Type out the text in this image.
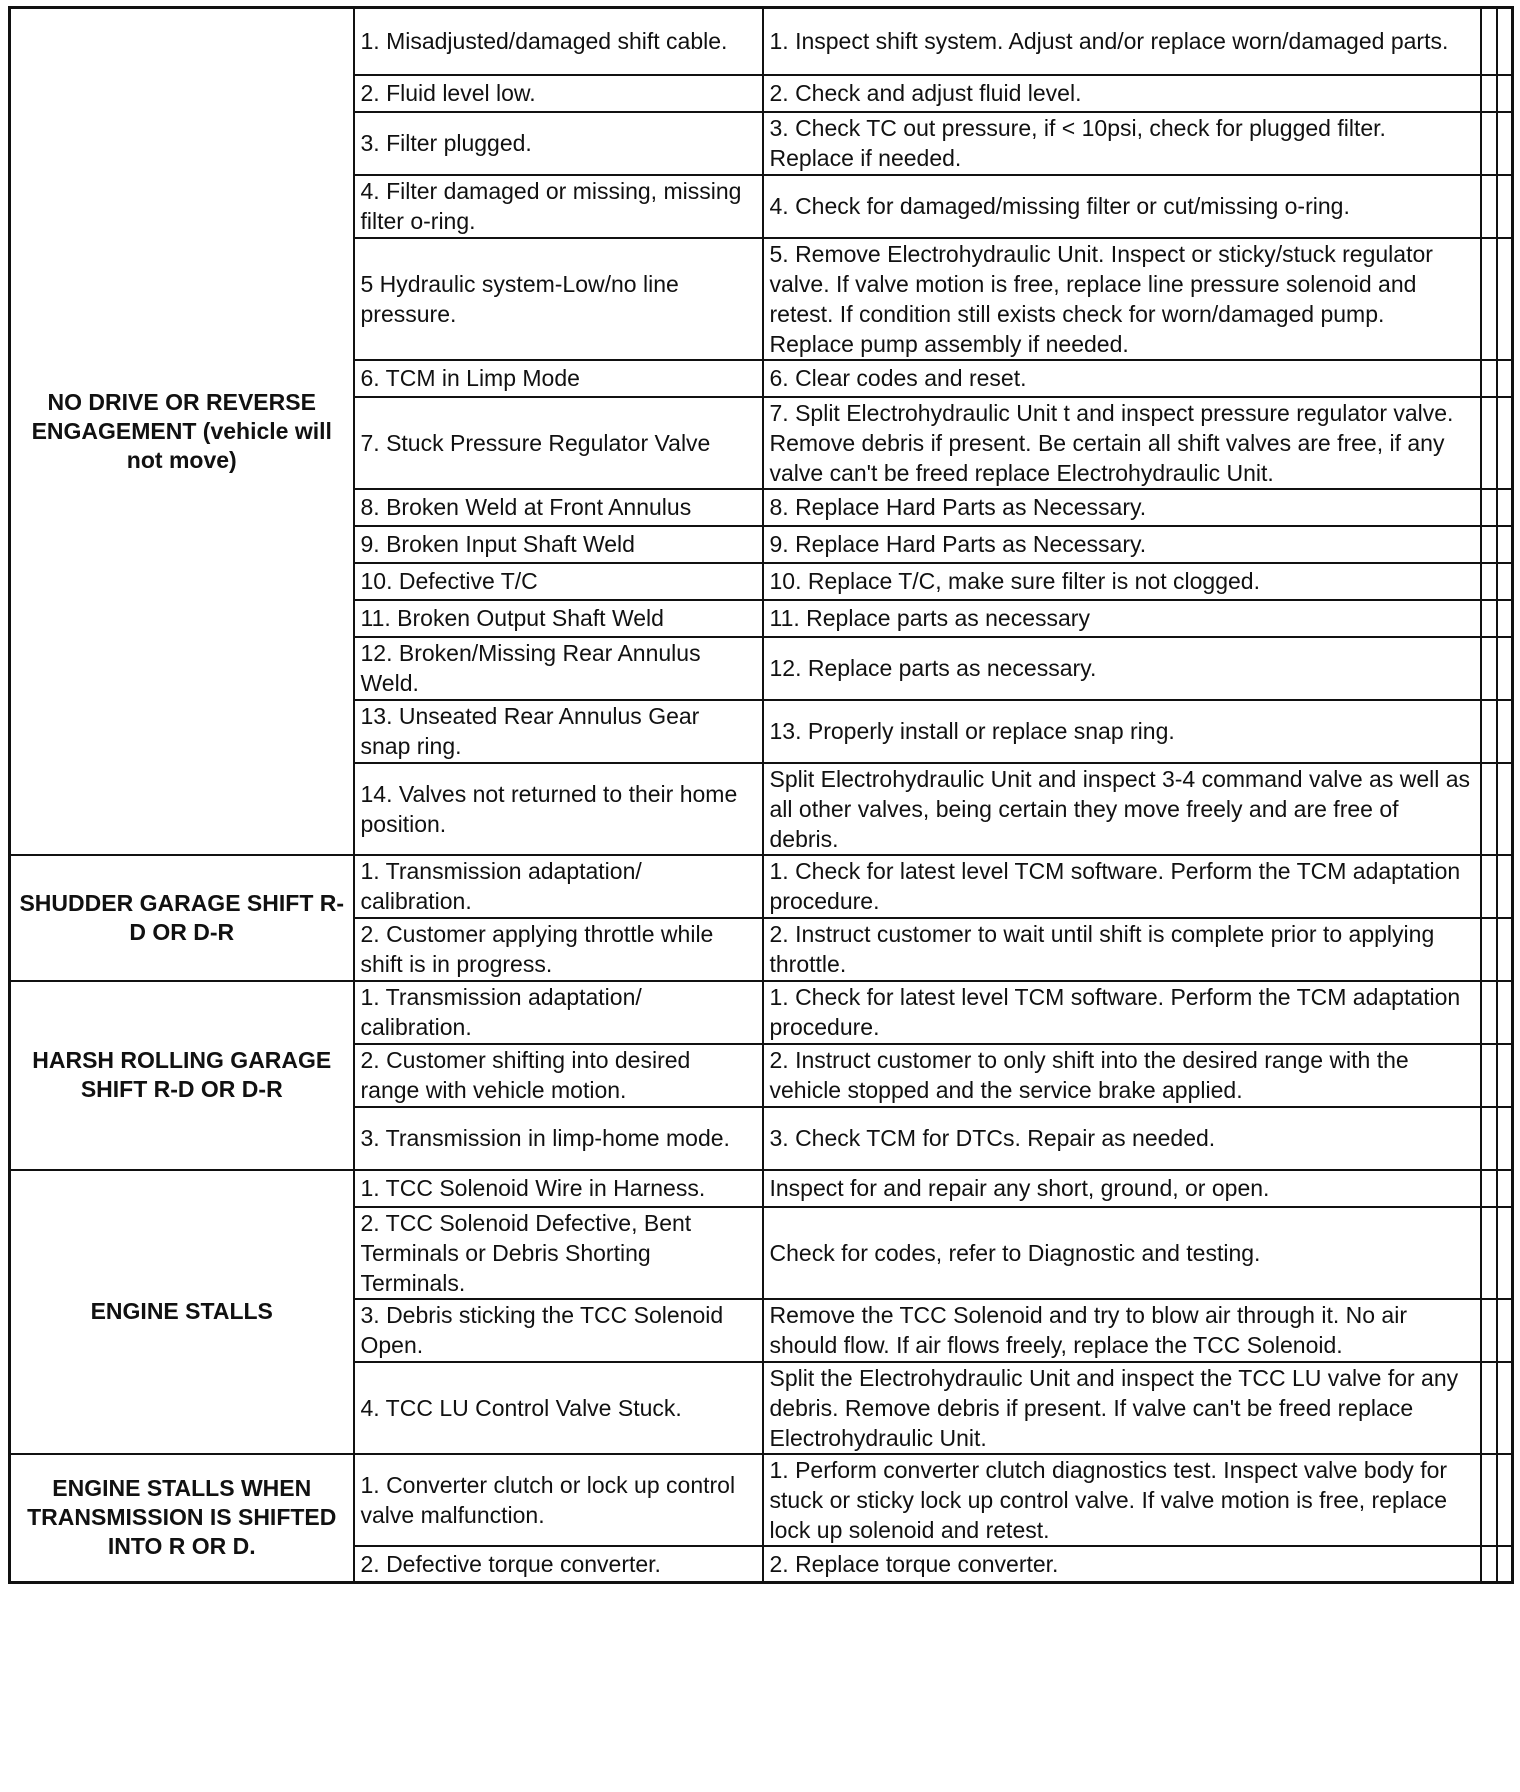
NO DRIVE OR REVERSE ENGAGEMENT (vehicle will not move)	1. Misadjusted/damaged shift cable.	1. Inspect shift system. Adjust and/or replace worn/damaged parts.		
	2. Fluid level low.	2. Check and adjust fluid level.		
	3. Filter plugged.	3. Check TC out pressure, if < 10psi, check for plugged filter. Replace if needed.		
	4. Filter damaged or missing, missing filter o-ring.	4. Check for damaged/missing filter or cut/missing o-ring.		
	5 Hydraulic system-Low/no line pressure.	5. Remove Electrohydraulic Unit. Inspect or sticky/stuck regulator valve. If valve motion is free, replace line pressure solenoid and retest. If condition still exists check for worn/damaged pump. Replace pump assembly if needed.		
	6. TCM in Limp Mode	6. Clear codes and reset.		
	7. Stuck Pressure Regulator Valve	7. Split Electrohydraulic Unit t and inspect pressure regulator valve. Remove debris if present. Be certain all shift valves are free, if any valve can't be freed replace Electrohydraulic Unit.		
	8. Broken Weld at Front Annulus	8. Replace Hard Parts as Necessary.		
	9. Broken Input Shaft Weld	9. Replace Hard Parts as Necessary.		
	10. Defective T/C	10. Replace T/C, make sure filter is not clogged.		
	11. Broken Output Shaft Weld	11. Replace parts as necessary		
	12. Broken/Missing Rear Annulus Weld.	12. Replace parts as necessary.		
	13. Unseated Rear Annulus Gear snap ring.	13. Properly install or replace snap ring.		
	14. Valves not returned to their home position.	Split Electrohydraulic Unit and inspect 3-4 command valve as well as all other valves, being certain they move freely and are free of debris.		
SHUDDER GARAGE SHIFT R-D OR D-R	1. Transmission adaptation/ calibration.	1. Check for latest level TCM software. Perform the TCM adaptation procedure.		
	2. Customer applying throttle while shift is in progress.	2. Instruct customer to wait until shift is complete prior to applying throttle.		
HARSH ROLLING GARAGE SHIFT R-D OR D-R	1. Transmission adaptation/ calibration.	1. Check for latest level TCM software. Perform the TCM adaptation procedure.		
	2. Customer shifting into desired range with vehicle motion.	2. Instruct customer to only shift into the desired range with the vehicle stopped and the service brake applied.		
	3. Transmission in limp-home mode.	3. Check TCM for DTCs. Repair as needed.		
ENGINE STALLS	1. TCC Solenoid Wire in Harness.	Inspect for and repair any short, ground, or open.		
	2. TCC Solenoid Defective, Bent Terminals or Debris Shorting Terminals.	Check for codes, refer to Diagnostic and testing.		
	3. Debris sticking the TCC Solenoid Open.	Remove the TCC Solenoid and try to blow air through it. No air should flow. If air flows freely, replace the TCC Solenoid.		
	4. TCC LU Control Valve Stuck.	Split the Electrohydraulic Unit and inspect the TCC LU valve for any debris. Remove debris if present. If valve can't be freed replace Electrohydraulic Unit.		
ENGINE STALLS WHEN TRANSMISSION IS SHIFTED INTO R OR D.	1. Converter clutch or lock up control valve malfunction.	1. Perform converter clutch diagnostics test. Inspect valve body for stuck or sticky lock up control valve. If valve motion is free, replace lock up solenoid and retest.		
	2. Defective torque converter.	2. Replace torque converter.		
